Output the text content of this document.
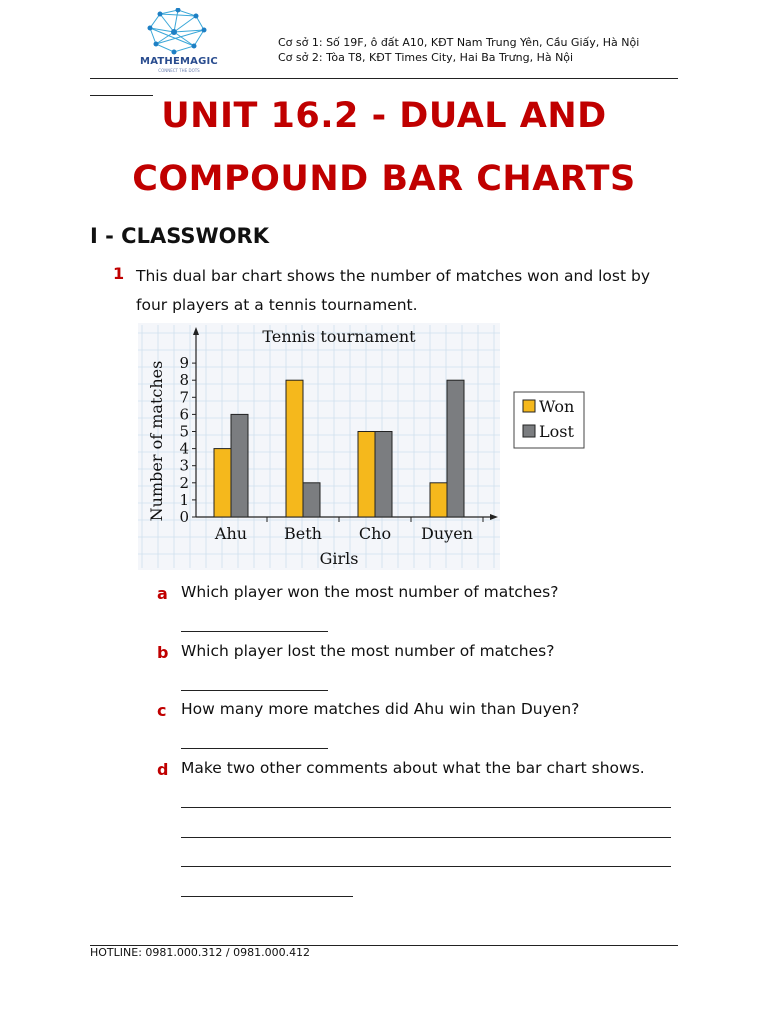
MATHEMAGIC
CONNECT THE DOTS
Cơ sở 1: Số 19F, ô đất A10, KĐT Nam Trung Yên, Cầu Giấy, Hà Nội
Cơ sở 2: Tòa T8, KĐT Times City, Hai Ba Trưng, Hà Nội
UNIT 16.2 - DUAL AND
COMPOUND BAR CHARTS
I - CLASSWORK
1 This dual bar chart shows the number of matches won and lost by four players at a tennis tournament.
Tennis tournament
Number of matches
Girls
0
1
2
3
4
5
6
7
8
9
Ahu Beth Cho Duyen
Won
Lost
a Which player won the most number of matches?
b Which player lost the most number of matches?
c How many more matches did Ahu win than Duyen?
d Make two other comments about what the bar chart shows.
HOTLINE: 0981.000.312 / 0981.000.412
